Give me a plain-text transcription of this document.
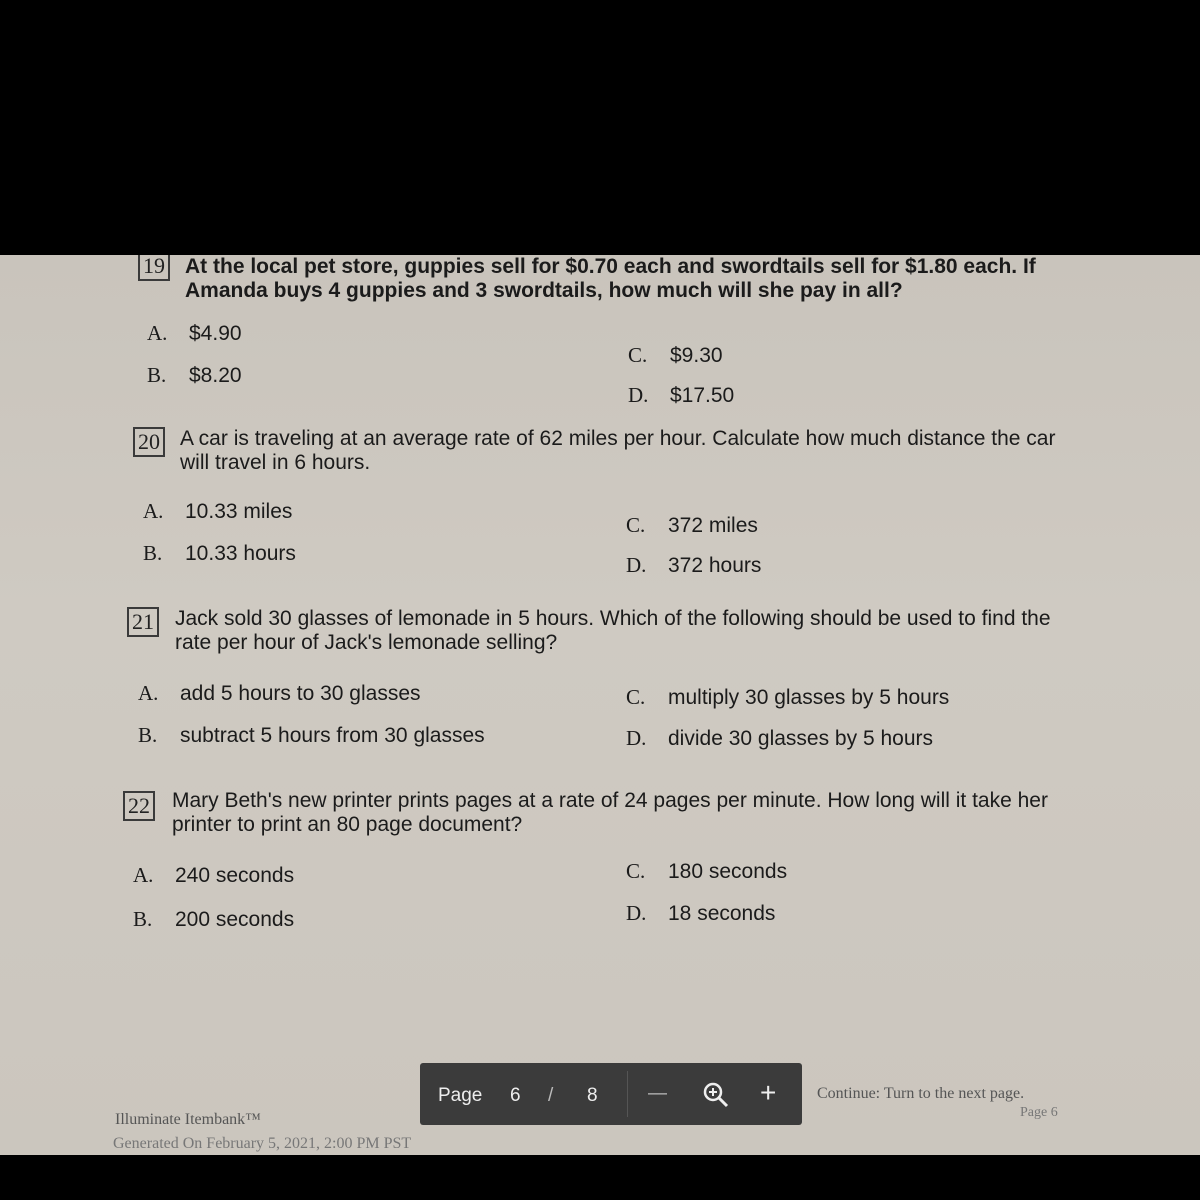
19 At the local pet store, guppies sell for $0.70 each and swordtails sell for $1.80 each. If Amanda buys 4 guppies and 3 swordtails, how much will she pay in all?
A. $4.90
B. $8.20
C. $9.30
D. $17.50
20 A car is traveling at an average rate of 62 miles per hour. Calculate how much distance the car will travel in 6 hours.
A. 10.33 miles
B. 10.33 hours
C. 372 miles
D. 372 hours
21 Jack sold 30 glasses of lemonade in 5 hours. Which of the following should be used to find the rate per hour of Jack's lemonade selling?
A. add 5 hours to 30 glasses
B. subtract 5 hours from 30 glasses
C. multiply 30 glasses by 5 hours
D. divide 30 glasses by 5 hours
22 Mary Beth's new printer prints pages at a rate of 24 pages per minute. How long will it take her printer to print an 80 page document?
A. 240 seconds
B. 200 seconds
C. 180 seconds
D. 18 seconds
Illuminate Itembank™
Generated On February 5, 2021, 2:00 PM PST
Continue: Turn to the next page.
Page 6
Page 6 / 8	—	+
